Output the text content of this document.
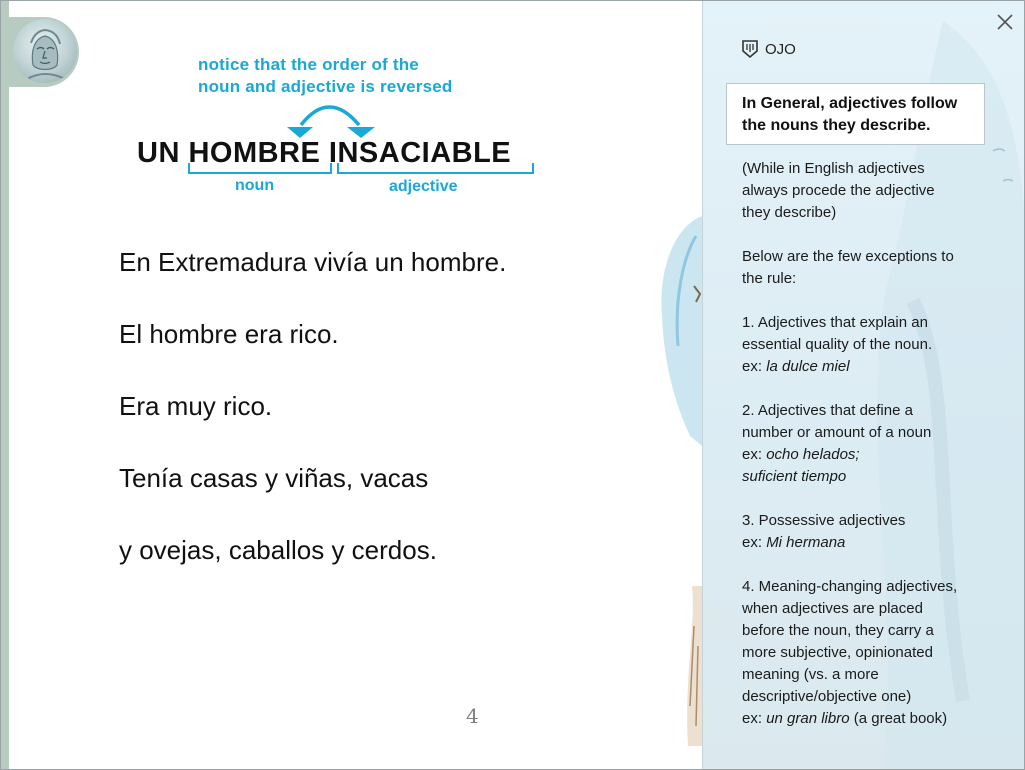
notice that the order of the
noun and adjective is reversed
UN HOMBRE INSACIABLE
noun	adjective
En Extremadura vivía un hombre.
El hombre era rico.
Era muy rico.
Tenía casas y viñas, vacas
y ovejas, caballos y cerdos.
4
OJO
In General, adjectives follow
the nouns they describe.

(While in English adjectives
always procede the adjective
they describe)

Below are the few exceptions to
the rule:

1. Adjectives that explain an
essential quality of the noun.
ex: la dulce miel

2. Adjectives that define a
number or amount of a noun
ex: ocho helados;
suficient tiempo

3. Possessive adjectives
ex: Mi hermana

4. Meaning-changing adjectives,
when adjectives are placed
before the noun, they carry a
more subjective, opinionated
meaning (vs. a more
descriptive/objective one)
ex: un gran libro (a great book)
